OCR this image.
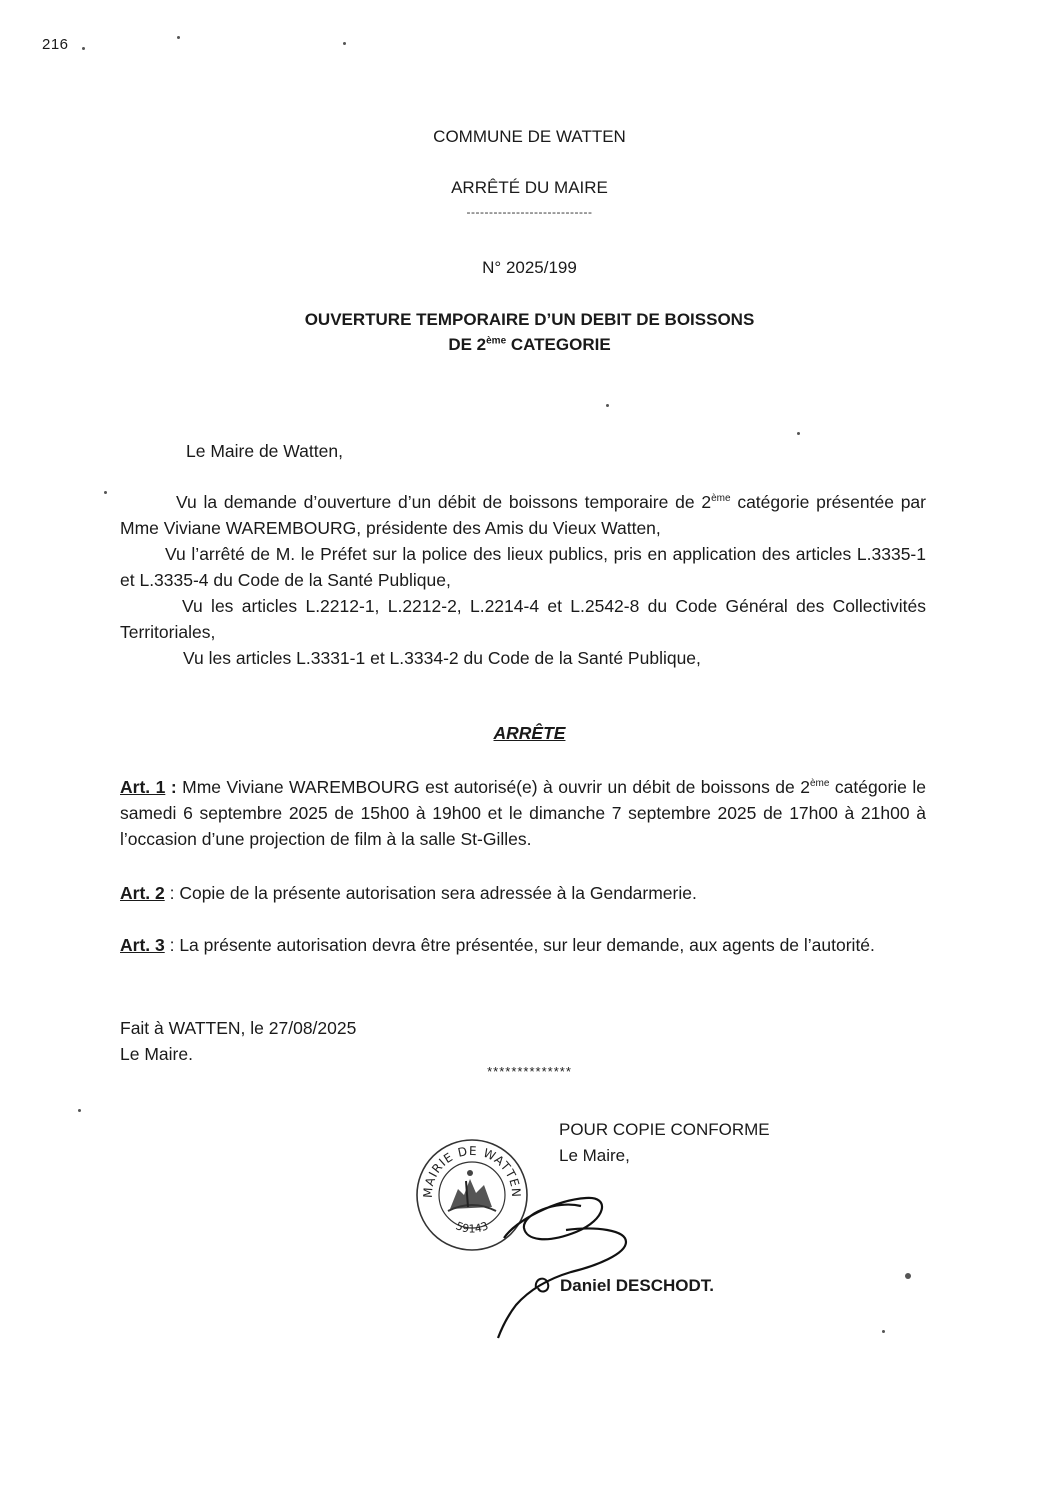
216
COMMUNE DE WATTEN
ARRÊTÉ DU MAIRE
----------------------------
N° 2025/199
OUVERTURE TEMPORAIRE D’UN DEBIT DE BOISSONS
DE 2ème CATEGORIE
Le Maire de Watten,
Vu la demande d’ouverture d’un débit de boissons temporaire de 2ème catégorie présentée par Mme Viviane WAREMBOURG, présidente des Amis du Vieux Watten,
Vu l’arrêté de M. le Préfet sur la police des lieux publics, pris en application des articles L.3335-1 et L.3335-4 du Code de la Santé Publique,
Vu les articles L.2212-1, L.2212-2, L.2214-4 et L.2542-8 du Code Général des Collectivités Territoriales,
Vu les articles L.3331-1 et L.3334-2 du Code de la Santé Publique,
ARRÊTE
Art. 1 : Mme Viviane WAREMBOURG est autorisé(e) à ouvrir un débit de boissons de 2ème catégorie le samedi 6 septembre 2025 de 15h00 à 19h00 et le dimanche 7 septembre 2025 de 17h00 à 21h00 à l’occasion d’une projection de film à la salle St-Gilles.
Art. 2 : Copie de la présente autorisation sera adressée à la Gendarmerie.
Art. 3 : La présente autorisation devra être présentée, sur leur demande, aux agents de l’autorité.
Fait à WATTEN, le 27/08/2025
Le Maire.
**************
POUR COPIE CONFORME
Le Maire,
MAIRIE DE WATTEN
59143
Daniel DESCHODT.
